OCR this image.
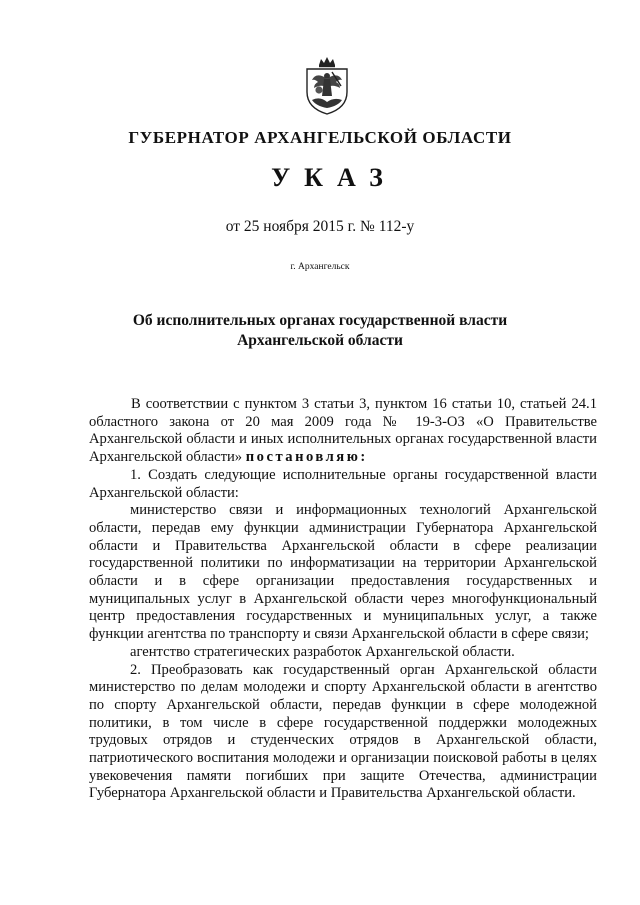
ГУБЕРНАТОР АРХАНГЕЛЬСКОЙ ОБЛАСТИ
УКАЗ
от 25 ноября 2015 г. № 112-у
г. Архангельск
Об исполнительных органах государственной власти
Архангельской области

В соответствии с пунктом 3 статьи 3, пунктом 16 статьи 10, статьей 24.1 областного закона от 20 мая 2009 года № 19-3-ОЗ «О Правительстве Архангельской области и иных исполнительных органах государственной власти Архангельской области» постановляю:

1. Создать следующие исполнительные органы государственной власти Архангельской области:

министерство связи и информационных технологий Архангельской области, передав ему функции администрации Губернатора Архангельской области и Правительства Архангельской области в сфере реализации государственной политики по информатизации на территории Архангельской области и в сфере организации предоставления государственных и муниципальных услуг в Архангельской области через многофункциональный центр предоставления государственных и муниципальных услуг, а также функции агентства по транспорту и связи Архангельской области в сфере связи;

агентство стратегических разработок Архангельской области.

2. Преобразовать как государственный орган Архангельской области министерство по делам молодежи и спорту Архангельской области в агентство по спорту Архангельской области, передав функции в сфере молодежной политики, в том числе в сфере государственной поддержки молодежных трудовых отрядов и студенческих отрядов в Архангельской области, патриотического воспитания молодежи и организации поисковой работы в целях увековечения памяти погибших при защите Отечества, администрации Губернатора Архангельской области и Правительства Архангельской области.
